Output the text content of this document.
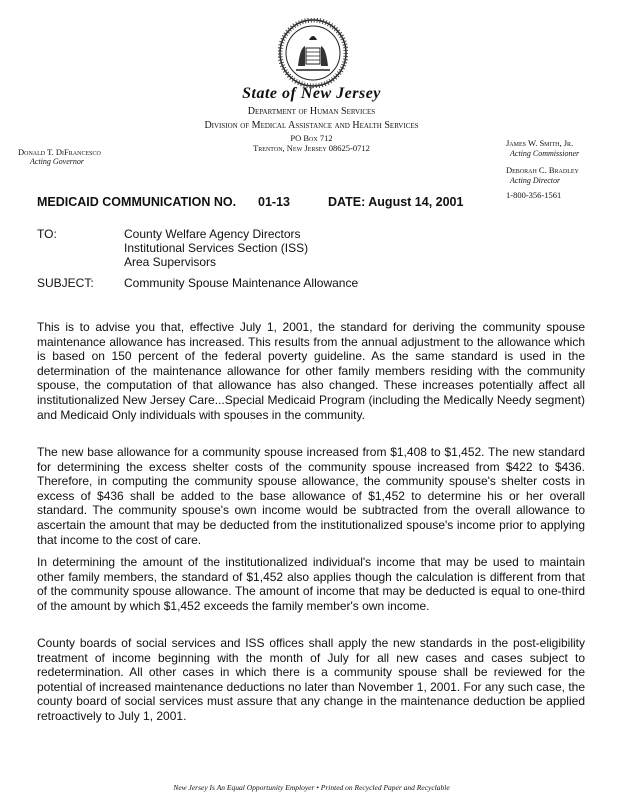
State of New Jersey
Department of Human Services
Division of Medical Assistance and Health Services
PO Box 712
Trenton, New Jersey 08625-0712
Donald T. DiFrancesco
Acting Governor
James W. Smith, Jr.
Acting Commissioner
Deborah C. Bradley
Acting Director
1-800-356-1561
MEDICAID COMMUNICATION NO. 01-13	DATE: August 14, 2001
TO:	County Welfare Agency Directors
Institutional Services Section (ISS)
Area Supervisors
SUBJECT:	Community Spouse Maintenance Allowance

This is to advise you that, effective July 1, 2001, the standard for deriving the community spouse maintenance allowance has increased. This results from the annual adjustment to the allowance which is based on 150 percent of the federal poverty guideline. As the same standard is used in the determination of the maintenance allowance for other family members residing with the community spouse, the computation of that allowance has also changed. These increases potentially affect all institutionalized New Jersey Care...Special Medicaid Program (including the Medically Needy segment) and Medicaid Only individuals with spouses in the community.

The new base allowance for a community spouse increased from $1,408 to $1,452. The new standard for determining the excess shelter costs of the community spouse increased from $422 to $436. Therefore, in computing the community spouse allowance, the community spouse's shelter costs in excess of $436 shall be added to the base allowance of $1,452 to determine his or her overall standard. The community spouse's own income would be subtracted from the overall allowance to ascertain the amount that may be deducted from the institutionalized spouse's income prior to applying that income to the cost of care.

In determining the amount of the institutionalized individual's income that may be used to maintain other family members, the standard of $1,452 also applies though the calculation is different from that of the community spouse allowance. The amount of income that may be deducted is equal to one-third of the amount by which $1,452 exceeds the family member's own income.

County boards of social services and ISS offices shall apply the new standards in the post-eligibility treatment of income beginning with the month of July for all new cases and cases subject to redetermination. All other cases in which there is a community spouse shall be reviewed for the potential of increased maintenance deductions no later than November 1, 2001. For any such case, the county board of social services must assure that any change in the maintenance deduction be applied retroactively to July 1, 2001.

New Jersey Is An Equal Opportunity Employer • Printed on Recycled Paper and Recyclable
